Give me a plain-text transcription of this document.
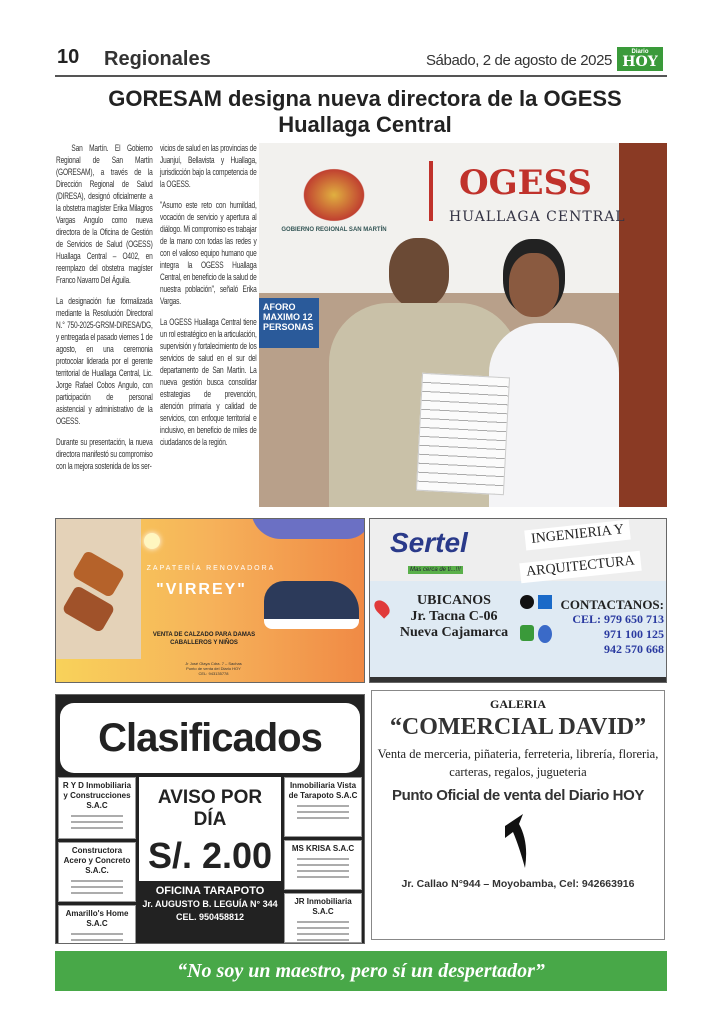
10 Regionales	Sábado, 2 de agosto de 2025	Diario
HOY
GORESAM designa nueva directora de la OGESS Huallaga Central

San Martín. El Gobierno Regional de San Martín (GORESAM), a través de la Dirección Regional de Salud (DIRESA), designó oficialmente a la obstetra magíster Erika Milagros Vargas Angulo como nueva directora de la Oficina de Gestión de Servicios de Salud (OGESS) Huallaga Central – O402, en reemplazo del obstetra magíster Franco Navarro Del Águila.

La designación fue formalizada mediante la Resolución Directoral N.° 750-2025-GRSM-DIRESA/DG, y entregada el pasado viernes 1 de agosto, en una ceremonia protocolar liderada por el gerente territorial de Huallaga Central, Lic. Jorge Rafael Cobos Angulo, con participación de personal asistencial y administrativo de la OGESS.

Durante su presentación, la nueva directora manifestó su compromiso con la mejora sostenida de los ser-

vicios de salud en las provincias de Juanjuí, Bellavista y Huallaga, jurisdicción bajo la competencia de la OGESS.

"Asumo este reto con humildad, vocación de servicio y apertura al diálogo. Mi compromiso es trabajar de la mano con todas las redes y con el valioso equipo humano que integra la OGESS Huallaga Central, en beneficio de la salud de nuestra población", señaló Erika Vargas.

La OGESS Huallaga Central tiene un rol estratégico en la articulación, supervisión y fortalecimiento de los servicios de salud en el sur del departamento de San Martín. La nueva gestión busca consolidar estrategias de prevención, atención primaria y calidad de servicios, con enfoque territorial e inclusivo, en beneficio de miles de ciudadanos de la región.

GOBIERNO REGIONAL SAN MARTÍN
OGESS
HUALLAGA CENTRAL
AFORO MAXIMO 12 PERSONAS
ZAPATERÍA RENOVADORA
"VIRREY"
VENTA DE CALZADO PARA DAMAS CABALLEROS Y NIÑOS
Jr José Olaya Cdra. 7 – Sachas
Punto de venta del Diario HOY
CEL: 943135778
Sertel
Mas cerca de ti...!!!
INGENIERIA Y
ARQUITECTURA
UBICANOS
Jr. Tacna C-06
Nueva Cajamarca
CONTACTANOS:
CEL: 979 650 713
971 100 125
942 570 668
Clasificados
R Y D Inmobiliaria y Construcciones S.A.C
Constructora Acero y Concreto S.A.C.
Amarillo's Home S.A.C
AVISO POR DÍA
S/. 2.00
OFICINA TARAPOTO
Jr. AUGUSTO B. LEGUÍA N° 344
CEL. 950458812
Inmobiliaria Vista de Tarapoto S.A.C
MS KRISA S.A.C
JR Inmobiliaria S.A.C
GALERIA
“COMERCIAL DAVID”
Venta de merceria, piñateria, ferreteria, librería, floreria, carteras, regalos, jugueteria
Punto Oficial de venta del Diario HOY
Jr. Callao N°944 – Moyobamba, Cel: 942663916
“No soy un maestro, pero sí un despertador”
